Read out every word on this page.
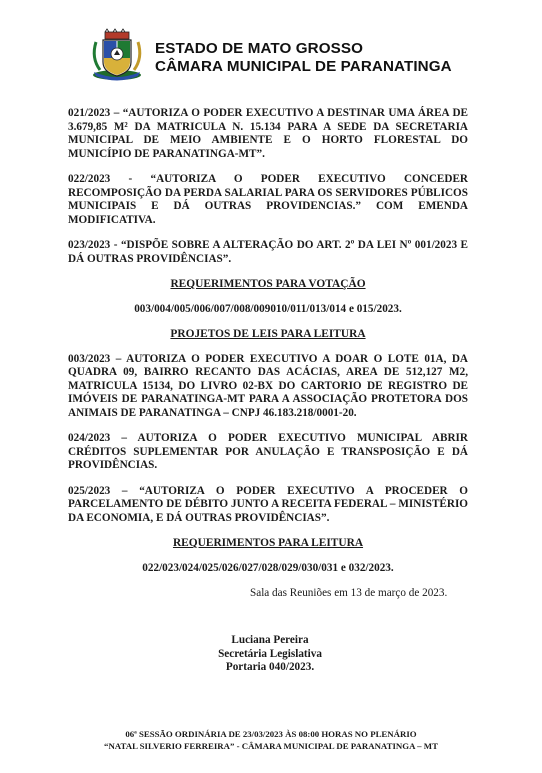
ESTADO DE MATO GROSSO
CÂMARA MUNICIPAL DE PARANATINGA

021/2023 – “AUTORIZA O PODER EXECUTIVO A DESTINAR UMA ÁREA DE 3.679,85 M² DA MATRICULA N. 15.134 PARA A SEDE DA SECRETARIA MUNICIPAL DE MEIO AMBIENTE E O HORTO FLORESTAL DO MUNICÍPIO DE PARANATINGA-MT”.

022/2023 - “AUTORIZA O PODER EXECUTIVO CONCEDER RECOMPOSIÇÃO DA PERDA SALARIAL PARA OS SERVIDORES PÚBLICOS MUNICIPAIS E DÁ OUTRAS PROVIDENCIAS.” COM EMENDA MODIFICATIVA.

023/2023 - “DISPÕE SOBRE A ALTERAÇÃO DO ART. 2º DA LEI Nº 001/2023 E DÁ OUTRAS PROVIDÊNCIAS”.

REQUERIMENTOS PARA VOTAÇÃO
003/004/005/006/007/008/009010/011/013/014 e 015/2023.
PROJETOS DE LEIS PARA LEITURA

003/2023 – AUTORIZA O PODER EXECUTIVO A DOAR O LOTE 01A, DA QUADRA 09, BAIRRO RECANTO DAS ACÁCIAS, AREA DE 512,127 M2, MATRICULA 15134, DO LIVRO 02-BX DO CARTORIO DE REGISTRO DE IMÓVEIS DE PARANATINGA-MT PARA A ASSOCIAÇÃO PROTETORA DOS ANIMAIS DE PARANATINGA – CNPJ 46.183.218/0001-20.

024/2023 – AUTORIZA O PODER EXECUTIVO MUNICIPAL ABRIR CRÉDITOS SUPLEMENTAR POR ANULAÇÃO E TRANSPOSIÇÃO E DÁ PROVIDÊNCIAS.

025/2023 – “AUTORIZA O PODER EXECUTIVO A PROCEDER O PARCELAMENTO DE DÉBITO JUNTO A RECEITA FEDERAL – MINISTÉRIO DA ECONOMIA, E DÁ OUTRAS PROVIDÊNCIAS”.

REQUERIMENTOS PARA LEITURA
022/023/024/025/026/027/028/029/030/031 e 032/2023.
Sala das Reuniões em 13 de março de 2023.
Luciana Pereira
Secretária Legislativa
Portaria 040/2023.
06ª SESSÃO ORDINÁRIA DE 23/03/2023 ÀS 08:00 HORAS NO PLENÁRIO
“NATAL SILVERIO FERREIRA” - CÂMARA MUNICIPAL DE PARANATINGA – MT
